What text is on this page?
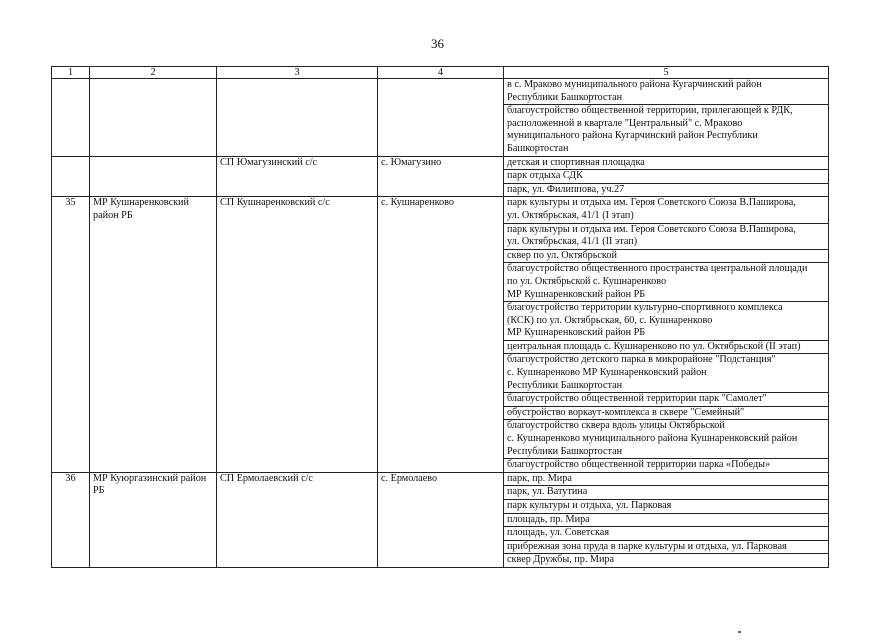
36
1	2	3	4	5
				в с. Мраково муниципального района Кугарчинский район
Республики Башкортостан
				благоустройство общественной территории, прилегающей к РДК,
расположенной в квартале "Центральный" с. Мраково
муниципального района Кугарчинский район Республики
Башкортостан
		СП Юмагузинский с/с	с. Юмагузино	детская и спортивная площадка
				парк отдыха СДК
				парк, ул. Филиппова, уч.27
35	МР Кушнаренковский
район РБ	СП Кушнаренковский с/с	с. Кушнаренково	парк культуры и отдыха им. Героя Советского Союза В.Паширова,
ул. Октябрьская, 41/1 (I этап)
				парк культуры и отдыха им. Героя Советского Союза В.Паширова,
ул. Октябрьская, 41/1 (II этап)
				сквер по ул. Октябрьской
				благоустройство общественного пространства центральной площади
по ул. Октябрьской с. Кушнаренково
МР Кушнаренковский район РБ
				благоустройство территории культурно-спортивного комплекса
(КСК) по ул. Октябрьская, 60, с. Кушнаренково
МР Кушнаренковский район РБ
				центральная площадь с. Кушнаренково по ул. Октябрьской (II этап)
				благоустройство детского парка в микрорайоне "Подстанция"
с. Кушнаренково МР Кушнаренковский район
Республики Башкортостан
				благоустройство общественной территории парк "Самолет"
				обустройство воркаут-комплекса в сквере "Семейный"
				благоустройство сквера вдоль улицы Октябрьской
с. Кушнаренково муниципального района Кушнаренковский район
Республики Башкортостан
				благоустройство общественной территории парка «Победы»
36	МР Куюргазинский район
РБ	СП Ермолаевский с/с	с. Ермолаево	парк, пр. Мира
				парк, ул. Ватутина
				парк культуры и отдыха, ул. Парковая
				площадь, пр. Мира
				площадь, ул. Советская
				прибрежная зона пруда в парке культуры и отдыха, ул. Парковая
				сквер Дружбы, пр. Мира
